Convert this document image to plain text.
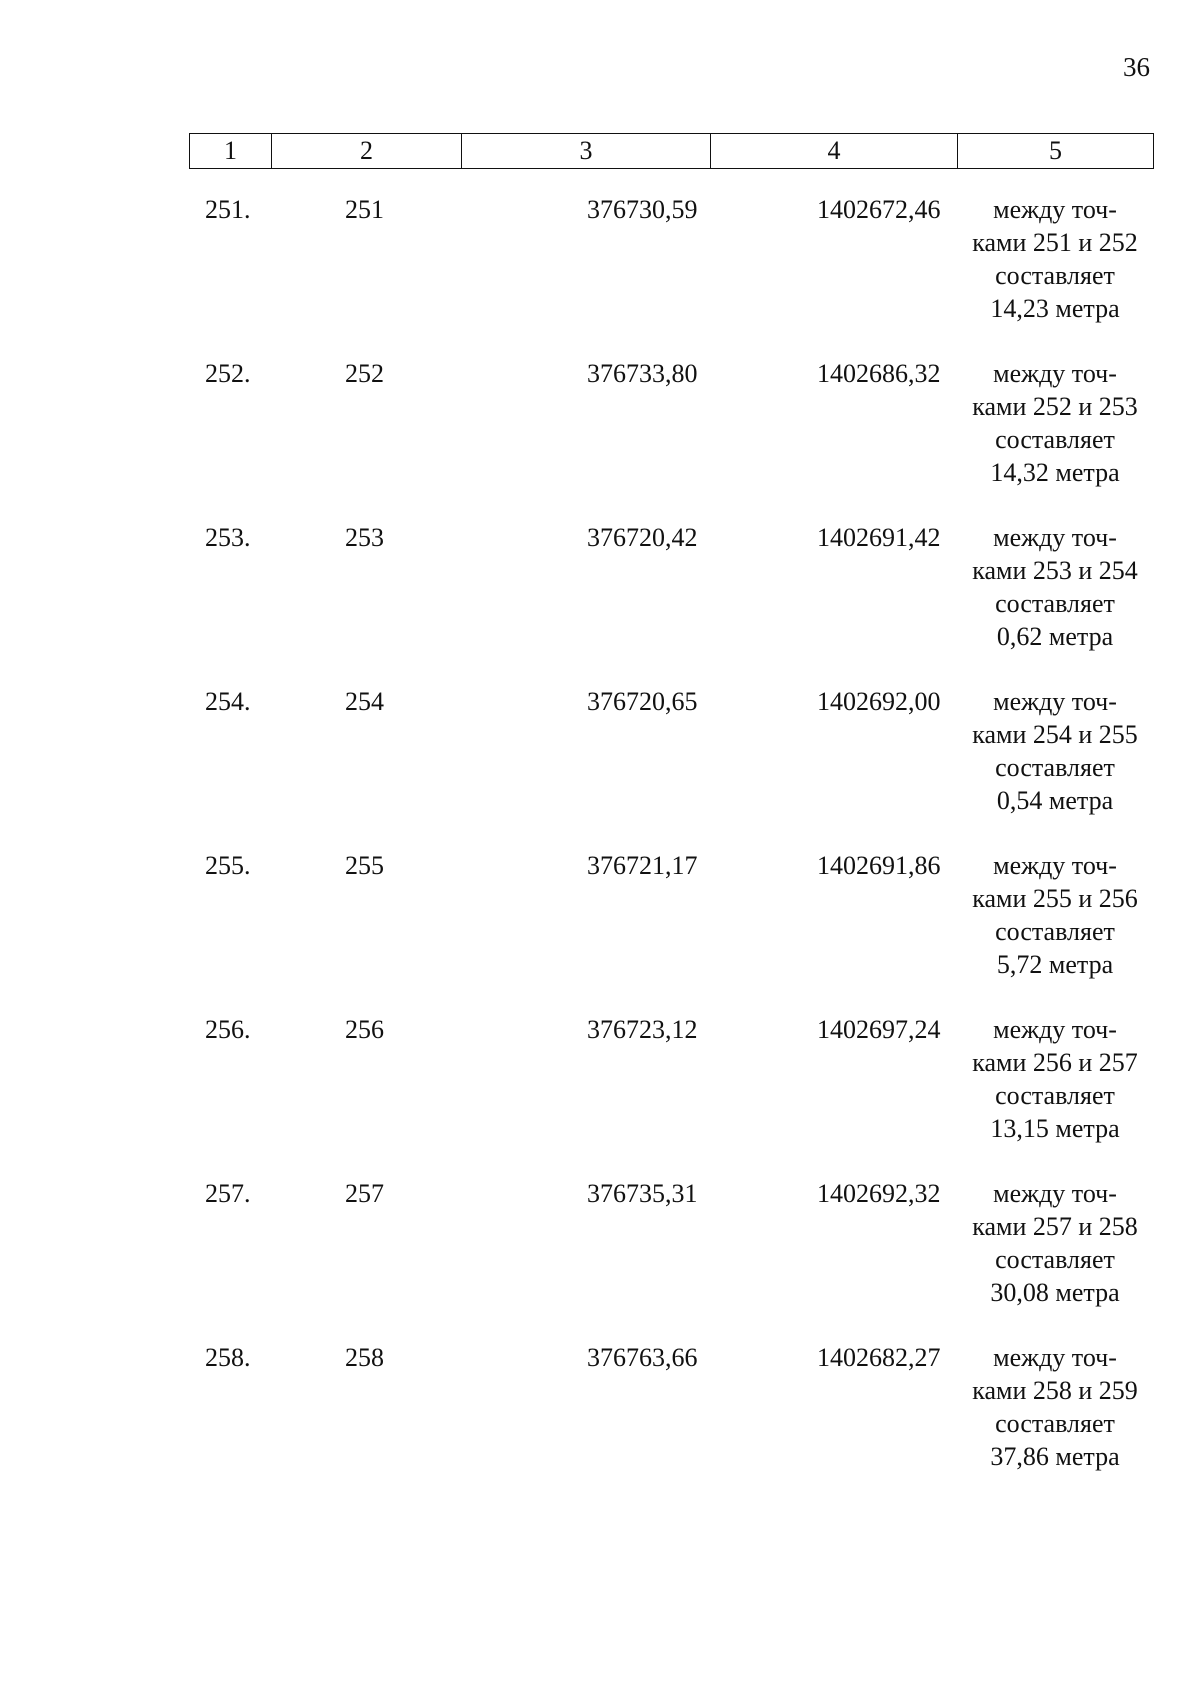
36
1	2	3	4	5
251.	251	376730,59	1402672,46	между точ-
ками 251 и 252
составляет
14,23 метра
252.	252	376733,80	1402686,32	между точ-
ками 252 и 253
составляет
14,32 метра
253.	253	376720,42	1402691,42	между точ-
ками 253 и 254
составляет
0,62 метра
254.	254	376720,65	1402692,00	между точ-
ками 254 и 255
составляет
0,54 метра
255.	255	376721,17	1402691,86	между точ-
ками 255 и 256
составляет
5,72 метра
256.	256	376723,12	1402697,24	между точ-
ками 256 и 257
составляет
13,15 метра
257.	257	376735,31	1402692,32	между точ-
ками 257 и 258
составляет
30,08 метра
258.	258	376763,66	1402682,27	между точ-
ками 258 и 259
составляет
37,86 метра
